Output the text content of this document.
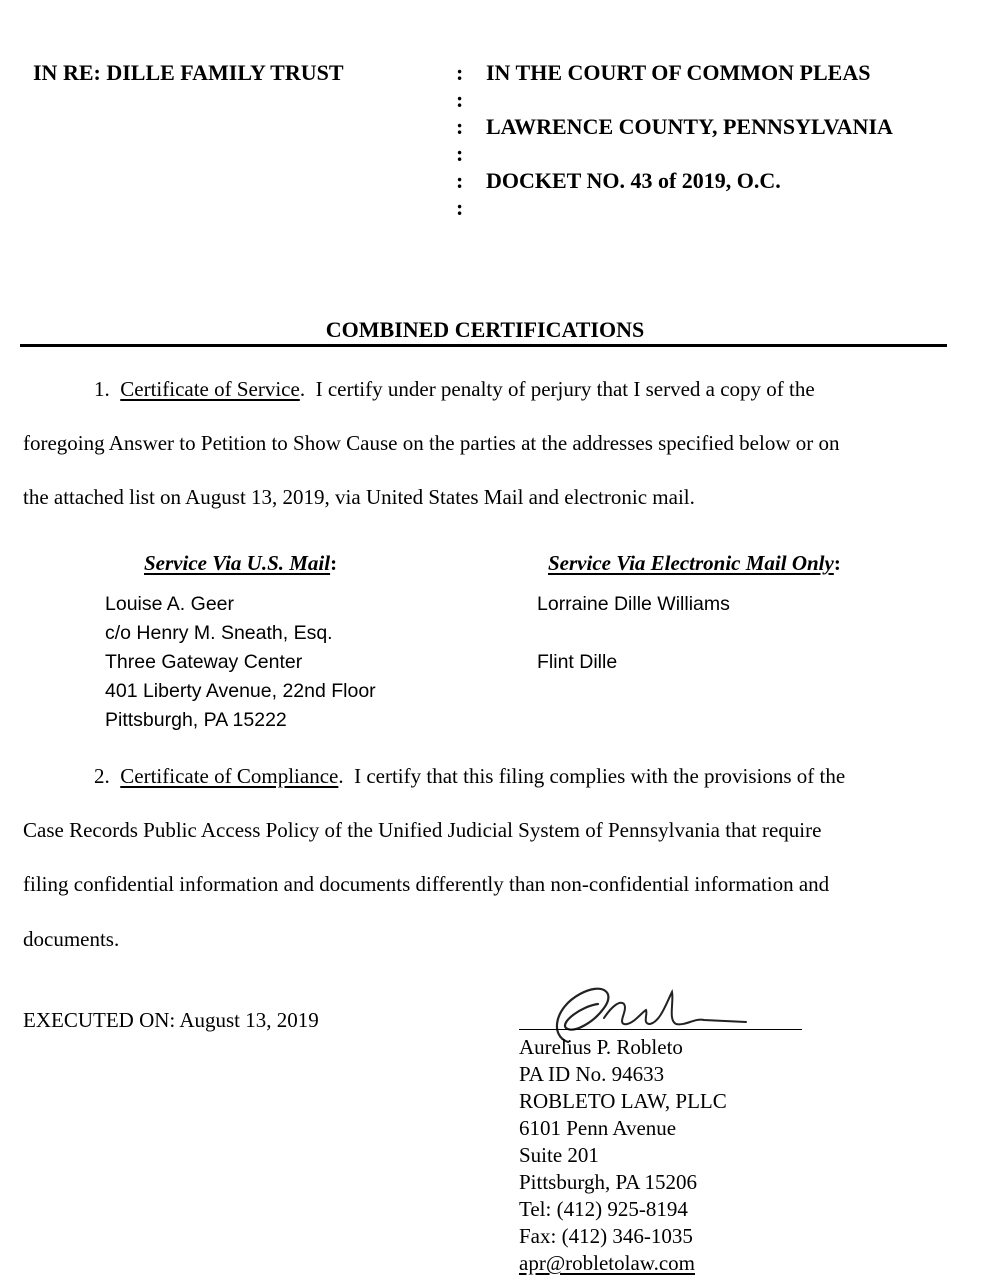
IN RE: DILLE FAMILY TRUST	:
:
:
:
:
:
IN THE COURT OF COMMON PLEAS
LAWRENCE COUNTY, PENNSYLVANIA
DOCKET NO. 43 of 2019, O.C.
COMBINED CERTIFICATIONS
1. Certificate of Service.  I certify under penalty of perjury that I served a copy of the
foregoing Answer to Petition to Show Cause on the parties at the addresses specified below or on
the attached list on August 13, 2019, via United States Mail and electronic mail.
Service Via U.S. Mail:	Service Via Electronic Mail Only:
Louise A. Geer
c/o Henry M. Sneath, Esq.
Three Gateway Center
401 Liberty Avenue, 22nd Floor
Pittsburgh, PA 15222
Lorraine Dille Williams
Flint Dille
2. Certificate of Compliance.  I certify that this filing complies with the provisions of the
Case Records Public Access Policy of the Unified Judicial System of Pennsylvania that require
filing confidential information and documents differently than non-confidential information and
documents.
EXECUTED ON: August 13, 2019
Aurelius P. Robleto
PA ID No. 94633
ROBLETO LAW, PLLC
6101 Penn Avenue
Suite 201
Pittsburgh, PA 15206
Tel: (412) 925-8194
Fax: (412) 346-1035
apr@robletolaw.com
